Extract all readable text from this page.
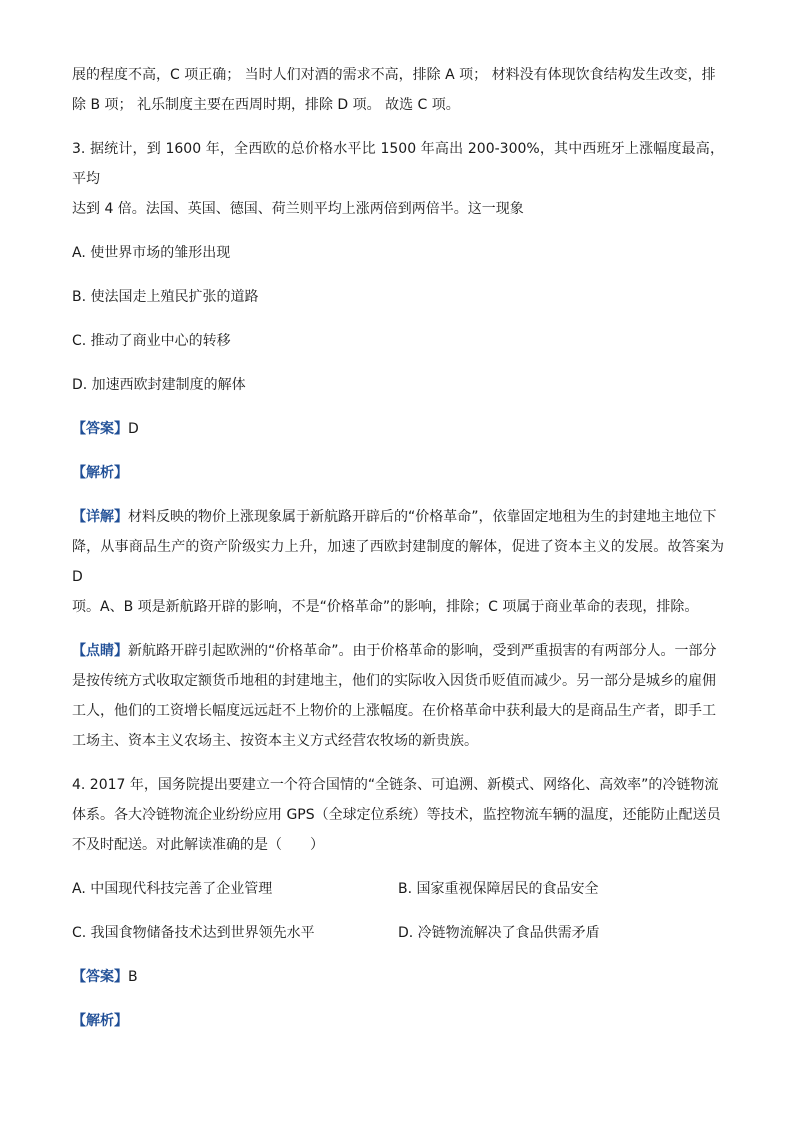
展的程度不高，C 项正确； 当时人们对酒的需求不高，排除 A 项； 材料没有体现饮食结构发生改变，排

除 B 项； 礼乐制度主要在西周时期，排除 D 项。 故选 C 项。

3. 据统计，到 1600 年，全西欧的总价格水平比 1500 年高出 200-300%，其中西班牙上涨幅度最高，平均

达到 4 倍。法国、英国、德国、荷兰则平均上涨两倍到两倍半。这一现象

A. 使世界市场的雏形出现

B. 使法国走上殖民扩张的道路

C. 推动了商业中心的转移

D. 加速西欧封建制度的解体

【答案】D

【解析】

【详解】材料反映的物价上涨现象属于新航路开辟后的“价格革命”，依靠固定地租为生的封建地主地位下

降，从事商品生产的资产阶级实力上升，加速了西欧封建制度的解体，促进了资本主义的发展。故答案为 D

项。A、B 项是新航路开辟的影响，不是“价格革命”的影响，排除；C 项属于商业革命的表现，排除。

【点睛】新航路开辟引起欧洲的“价格革命”。由于价格革命的影响，受到严重损害的有两部分人。一部分

是按传统方式收取定额货币地租的封建地主，他们的实际收入因货币贬值而减少。另一部分是城乡的雇佣

工人，他们的工资增长幅度远远赶不上物价的上涨幅度。在价格革命中获利最大的是商品生产者，即手工

工场主、资本主义农场主、按资本主义方式经营农牧场的新贵族。

4. 2017 年，国务院提出要建立一个符合国情的“全链条、可追溯、新模式、网络化、高效率”的冷链物流

体系。各大冷链物流企业纷纷应用 GPS（全球定位系统）等技术，监控物流车辆的温度，还能防止配送员

不及时配送。对此解读准确的是（　　）

A. 中国现代科技完善了企业管理	B. 国家重视保障居民的食品安全
C. 我国食物储备技术达到世界领先水平	D. 冷链物流解决了食品供需矛盾

【答案】B

【解析】
